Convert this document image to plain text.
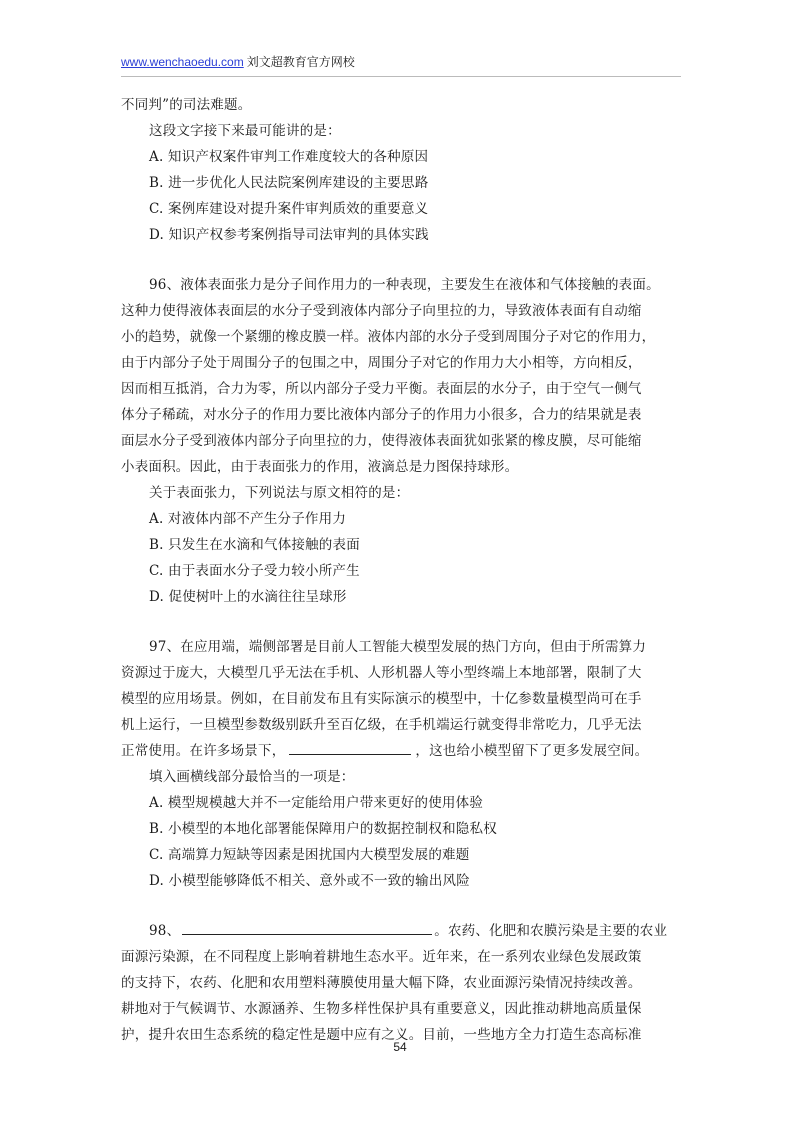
www.wenchaoedu.com 刘文超教育官方网校
不同判”的司法难题。
这段文字接下来最可能讲的是：
A. 知识产权案件审判工作难度较大的各种原因
B. 进一步优化人民法院案例库建设的主要思路
C. 案例库建设对提升案件审判质效的重要意义
D. 知识产权参考案例指导司法审判的具体实践
96、液体表面张力是分子间作用力的一种表现，主要发生在液体和气体接触的表面。
这种力使得液体表面层的水分子受到液体内部分子向里拉的力，导致液体表面有自动缩
小的趋势，就像一个紧绷的橡皮膜一样。液体内部的水分子受到周围分子对它的作用力，
由于内部分子处于周围分子的包围之中，周围分子对它的作用力大小相等，方向相反，
因而相互抵消，合力为零，所以内部分子受力平衡。表面层的水分子，由于空气一侧气
体分子稀疏，对水分子的作用力要比液体内部分子的作用力小很多，合力的结果就是表
面层水分子受到液体内部分子向里拉的力，使得液体表面犹如张紧的橡皮膜，尽可能缩
小表面积。因此，由于表面张力的作用，液滴总是力图保持球形。
关于表面张力，下列说法与原文相符的是：
A. 对液体内部不产生分子作用力
B. 只发生在水滴和气体接触的表面
C. 由于表面水分子受力较小所产生
D. 促使树叶上的水滴往往呈球形
97、在应用端，端侧部署是目前人工智能大模型发展的热门方向，但由于所需算力
资源过于庞大，大模型几乎无法在手机、人形机器人等小型终端上本地部署，限制了大
模型的应用场景。例如，在目前发布且有实际演示的模型中，十亿参数量模型尚可在手
机上运行，一旦模型参数级别跃升至百亿级，在手机端运行就变得非常吃力，几乎无法
正常使用。在许多场景下，	，这也给小模型留下了更多发展空间。
填入画横线部分最恰当的一项是：
A. 模型规模越大并不一定能给用户带来更好的使用体验
B. 小模型的本地化部署能保障用户的数据控制权和隐私权
C. 高端算力短缺等因素是困扰国内大模型发展的难题
D. 小模型能够降低不相关、意外或不一致的输出风险
98、	。农药、化肥和农膜污染是主要的农业
面源污染源，在不同程度上影响着耕地生态水平。近年来，在一系列农业绿色发展政策
的支持下，农药、化肥和农用塑料薄膜使用量大幅下降，农业面源污染情况持续改善。
耕地对于气候调节、水源涵养、生物多样性保护具有重要意义，因此推动耕地高质量保
护，提升农田生态系统的稳定性是题中应有之义。目前，一些地方全力打造生态高标准
54
